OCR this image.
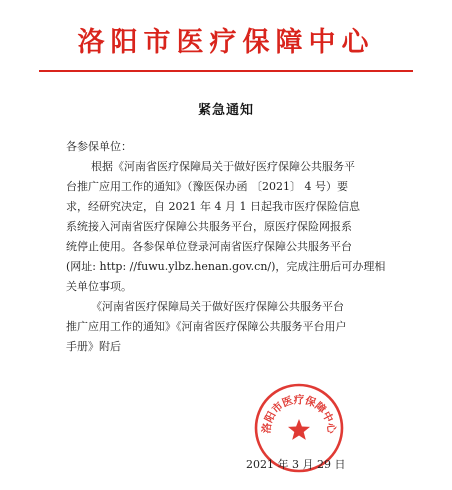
洛阳市医疗保障中心
紧急通知
各参保单位：
根据《河南省医疗保障局关于做好医疗保障公共服务平
台推广应用工作的通知》（豫医保办函 〔2021〕 4 号）要
求，经研究决定，自 2021 年 4 月 1 日起我市医疗保险信息
系统接入河南省医疗保障公共服务平台，原医疗保险网报系
统停止使用。各参保单位登录河南省医疗保障公共服务平台
(网址: http: //fuwu.ylbz.henan.gov.cn/)，完成注册后可办理相
关单位事项。
《河南省医疗保障局关于做好医疗保障公共服务平台
推广应用工作的通知》《河南省医疗保障公共服务平台用户
手册》附后
洛阳市医疗保障中心
2021 年 3 月 29 日
